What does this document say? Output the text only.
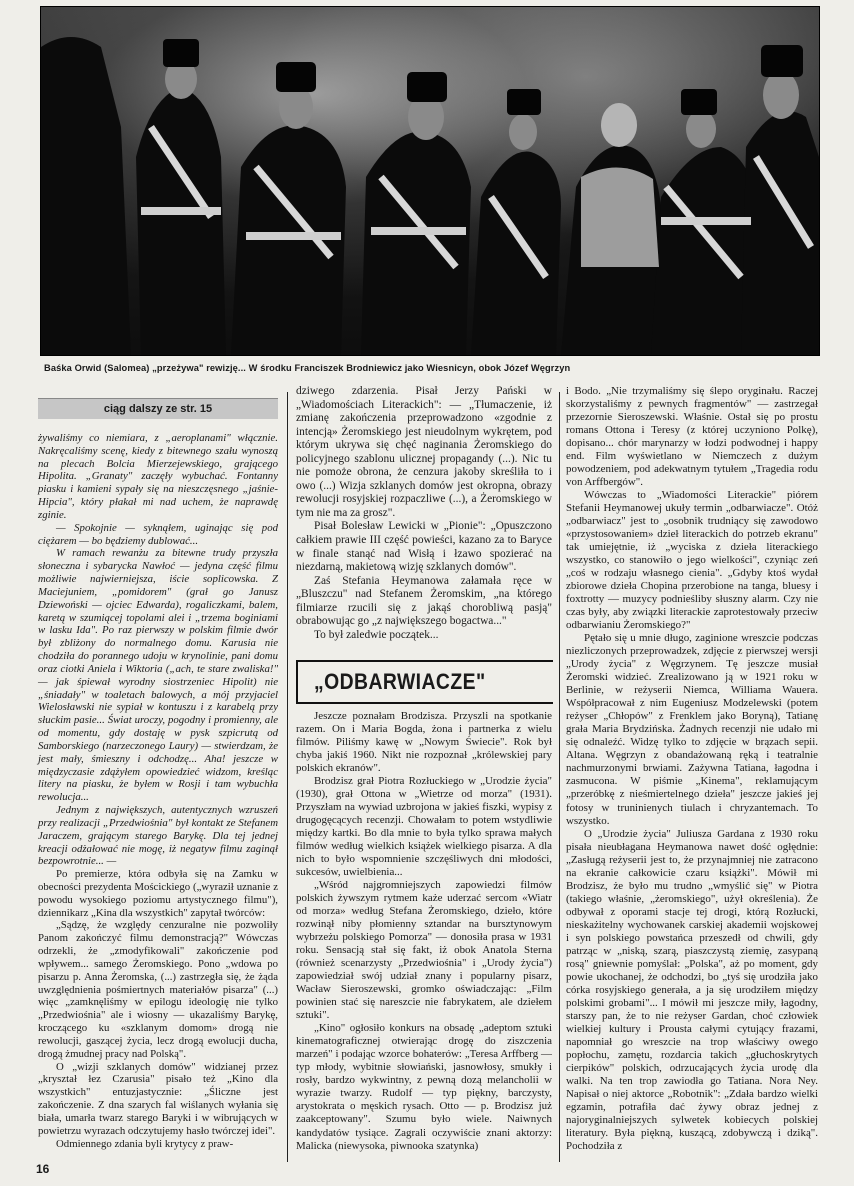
Baśka Orwid (Salomea) „przeżywa" rewizję... W środku Franciszek Brodniewicz jako Wiesnicyn, obok Józef Węgrzyn
ciąg dalszy ze str. 15

żywaliśmy co niemiara, z „aeroplanami" włącznie. Nakręcaliśmy scenę, kiedy z bitewnego szału wynoszą na plecach Bolcia Mierzejewskiego, grającego Hipolita. „Granaty" zaczęły wybuchać. Fontanny piasku i kamieni sypały się na nieszczęsnego „jaśnie-Hipcia", który płakał mi nad uchem, że naprawdę zginie.

— Spokojnie — syknąłem, uginając się pod ciężarem — bo będziemy dublować...

W ramach rewanżu za bitewne trudy przyszła słoneczna i sybarycka Nawłoć — jedyna część filmu możliwie najwierniejsza, iście soplicowska. Z Maciejuniem, „pomidorem" (grał go Janusz Dziewoński — ojciec Edwarda), rogaliczkami, balem, karetą w szumiącej topolami alei i „trzema boginiami w lasku Ida". Po raz pierwszy w polskim filmie dwór był zbliżony do normalnego domu. Karusia nie chodziła do porannego udoju w krynolinie, pani domu oraz ciotki Aniela i Wiktoria („ach, te stare zwaliska!" — jak śpiewał wyrodny siostrzeniec Hipolit) nie „śniadały" w toaletach balowych, a mój przyjaciel Wielosławski nie sypiał w kontuszu i z karabelą przy słuckim pasie... Świat uroczy, pogodny i promienny, ale od momentu, gdy dostaję w pysk szpicrutą od Samborskiego (narzeczonego Laury) — stwierdzam, że jest mały, śmieszny i odchodzę... Aha! jeszcze w międzyczasie zdążyłem opowiedzieć widzom, kreśląc litery na piasku, że byłem w Rosji i tam wybuchła rewolucja...

Jednym z największych, autentycznych wzruszeń przy realizacji „Przedwiośnia" był kontakt ze Stefanem Jaraczem, grającym starego Barykę. Dla tej jednej kreacji odżałować nie mogę, iż negatyw filmu zaginął bezpowrotnie... —

Po premierze, która odbyła się na Zamku w obecności prezydenta Mościckiego („wyraził uznanie z powodu wysokiego poziomu artystycznego filmu"), dziennikarz „Kina dla wszystkich" zapytał twórców:

„Sądzę, że względy cenzuralne nie pozwoliły Panom zakończyć filmu demonstracją?" Wówczas odrzekli, że „zmodyfikowali" zakończenie pod wpływem... samego Żeromskiego. Pono „wdowa po pisarzu p. Anna Żeromska, (...) zastrzegła się, że żąda uwzględnienia pośmiertnych materiałów pisarza" (...) więc „zamknęliśmy w epilogu ideologię nie tylko „Przedwiośnia" ale i wiosny — ukazaliśmy Barykę, kroczącego ku «szklanym domom» drogą nie rewolucji, gaszącej życia, lecz drogą ewolucji ducha, drogą żmudnej pracy nad Polską".

O „wizji szklanych domów" widzianej przez „kryształ łez Czarusia" pisało też „Kino dla wszystkich" entuzjastycznie: „Śliczne jest zakończenie. Z dna szarych fal wiślanych wyłania się biała, umarła twarz starego Baryki i w wibrujących w powietrzu wyrazach odczytujemy hasło twórczej idei".

Odmiennego zdania byli krytycy z praw-

dziwego zdarzenia. Pisał Jerzy Pański w „Wiadomościach Literackich": — „Tłumaczenie, iż zmianę zakończenia przeprowadzono «zgodnie z intencją» Żeromskiego jest nieudolnym wykrętem, pod którym ukrywa się chęć naginania Żeromskiego do policyjnego szablonu ulicznej propagandy (...). Nic tu nie pomoże obrona, że cenzura jakoby skreśliła to i owo (...) Wizja szklanych domów jest okropna, obrazy rewolucji rosyjskiej rozpaczliwe (...), a Żeromskiego w tym nie ma za grosz".

Pisał Bolesław Lewicki w „Pionie": „Opuszczono całkiem prawie III część powieści, kazano za to Baryce w finale stanąć nad Wisłą i łzawo spozierać na niezdarną, makietową wizję szklanych domów".

Zaś Stefania Heymanowa załamała ręce w „Bluszczu" nad Stefanem Żeromskim, „na którego filmiarze rzucili się z jakąś chorobliwą pasją" obrabowując go „z największego bogactwa..."

To był zaledwie początek...

„ODBARWIACZE"

Jeszcze poznałam Brodzisza. Przyszli na spotkanie razem. On i Maria Bogda, żona i partnerka z wielu filmów. Piliśmy kawę w „Nowym Świecie". Rok był chyba jakiś 1960. Nikt nie rozpoznał „królewskiej pary polskich ekranów".

Brodzisz grał Piotra Rozłuckiego w „Urodzie życia" (1930), grał Ottona w „Wietrze od morza" (1931). Przyszłam na wywiad uzbrojona w jakieś fiszki, wypisy z drugogęcących recenzji. Chowałam to potem wstydliwie między kartki. Bo dla mnie to była tylko sprawa małych filmów według wielkich książek wielkiego pisarza. A dla nich to było wspomnienie szczęśliwych dni młodości, sukcesów, uwielbienia...

„Wśród najgromniejszych zapowiedzi filmów polskich żywszym rytmem każe uderzać sercom «Wiatr od morza» według Stefana Żeromskiego, dzieło, które rozwinął niby płomienny sztandar na bursztynowym wybrzeżu polskiego Pomorza" — donosiła prasa w 1931 roku. Sensacją stał się fakt, iż obok Anatola Sterna (również scenarzysty „Przedwiośnia" i „Urody życia") zapowiedział swój udział znany i popularny pisarz, Wacław Sieroszewski, gromko oświadczając: „Film powinien stać się nareszcie nie fabrykatem, ale dziełem sztuki".

„Kino" ogłosiło konkurs na obsadę „adeptom sztuki kinematograficznej otwierając drogę do ziszczenia marzeń" i podając wzorce bohaterów: „Teresa Arffberg — typ młody, wybitnie słowiański, jasnowłosy, smukły i rosły, bardzo wykwintny, z pewną dozą melancholii w wyrazie twarzy. Rudolf — typ piękny, barczysty, arystokrata o męskich rysach. Otto — p. Brodzisz już zaakceptowany". Szumu było wiele. Naiwnych kandydatów tysiące. Zagrali oczywiście znani aktorzy: Malicka (niewysoka, piwnooka szatynka)

i Bodo. „Nie trzymaliśmy się ślepo oryginału. Raczej skorzystaliśmy z pewnych fragmentów" — zastrzegał przezornie Sieroszewski. Właśnie. Ostał się po prostu romans Ottona i Teresy (z której uczyniono Polkę), dopisano... chór marynarzy w łodzi podwodnej i happy end. Film wyświetlano w Niemczech z dużym powodzeniem, pod adekwatnym tytułem „Tragedia rodu von Arffbergów".

Wówczas to „Wiadomości Literackie" piórem Stefanii Heymanowej ukuły termin „odbarwiacze". Otóż „odbarwiacz" jest to „osobnik trudniący się zawodowo «przystosowaniem» dzieł literackich do potrzeb ekranu" tak umiejętnie, iż „wyciska z dzieła literackiego wszystko, co stanowiło o jego wielkości", czyniąc zeń „coś w rodzaju własnego cienia". „Gdyby ktoś wydał zbiorowe dzieła Chopina przerobione na tanga, bluesy i foxtrotty — muzycy podnieśliby słuszny alarm. Czy nie czas były, aby związki literackie zaprotestowały przeciw odbarwianiu Żeromskiego?"

Pętało się u mnie długo, zaginione wreszcie podczas niezliczonych przeprowadzek, zdjęcie z pierwszej wersji „Urody życia" z Węgrzynem. Tę jeszcze musiał Żeromski widzieć. Zrealizowano ją w 1921 roku w Berlinie, w reżyserii Niemca, Williama Wauera. Współpracował z nim Eugeniusz Modzelewski (potem reżyser „Chłopów" z Frenklem jako Boryną), Tatianę grała Maria Brydzińska. Żadnych recenzji nie udało mi się odnaleźć. Widzę tylko to zdjęcie w brązach sepii. Altana. Węgrzyn z obandażowaną ręką i teatralnie nachmurzonymi brwiami. Zażywna Tatiana, łagodna i zasmucona. W piśmie „Kinema", reklamującym „przeróbkę z nieśmiertelnego dzieła" jeszcze jakieś jej fotosy w truninienych tiulach i chryzantemach. To wszystko.

O „Urodzie życia" Juliusza Gardana z 1930 roku pisała nieubłagana Heymanowa nawet dość ogłędnie: „Zasługą reżyserii jest to, że przynajmniej nie zatracono na ekranie całkowicie czaru książki". Mówił mi Brodzisz, że było mu trudno „wmyślić się" w Piotra (takiego właśnie, „żeromskiego", użył określenia). Że odbywał z oporami stacje tej drogi, którą Rozłucki, nieskażitelny wychowanek carskiej akademii wojskowej i syn polskiego powstańca przeszedł od chwili, gdy patrząc w „niską, szarą, piaszczystą ziemię, zasypaną rosą" gniewnie pomyślał: „Polska", aż po moment, gdy powie ukochanej, że odchodzi, bo „tyś się urodziła jako córka rosyjskiego generała, a ja się urodziłem między polskimi grobami"... I mówił mi jeszcze miły, łagodny, starszy pan, że to nie reżyser Gardan, choć człowiek wielkiej kultury i Prousta całymi cytujący frazami, napomniał go wreszcie na trop właściwy owego popłochu, zamętu, rozdarcia takich „głuchoskrytych cierpików" polskich, odrzucających życia urodę dla walki. Na ten trop zawiodła go Tatiana. Nora Ney. Napisał o niej aktorce „Robotnik": „Zdała bardzo wielki egzamin, potrafiła dać żywy obraz jednej z najoryginalniejszych sylwetek kobiecych polskiej literatury. Była piękną, kuszącą, zdobywczą i dziką". Pochodziła z

16
